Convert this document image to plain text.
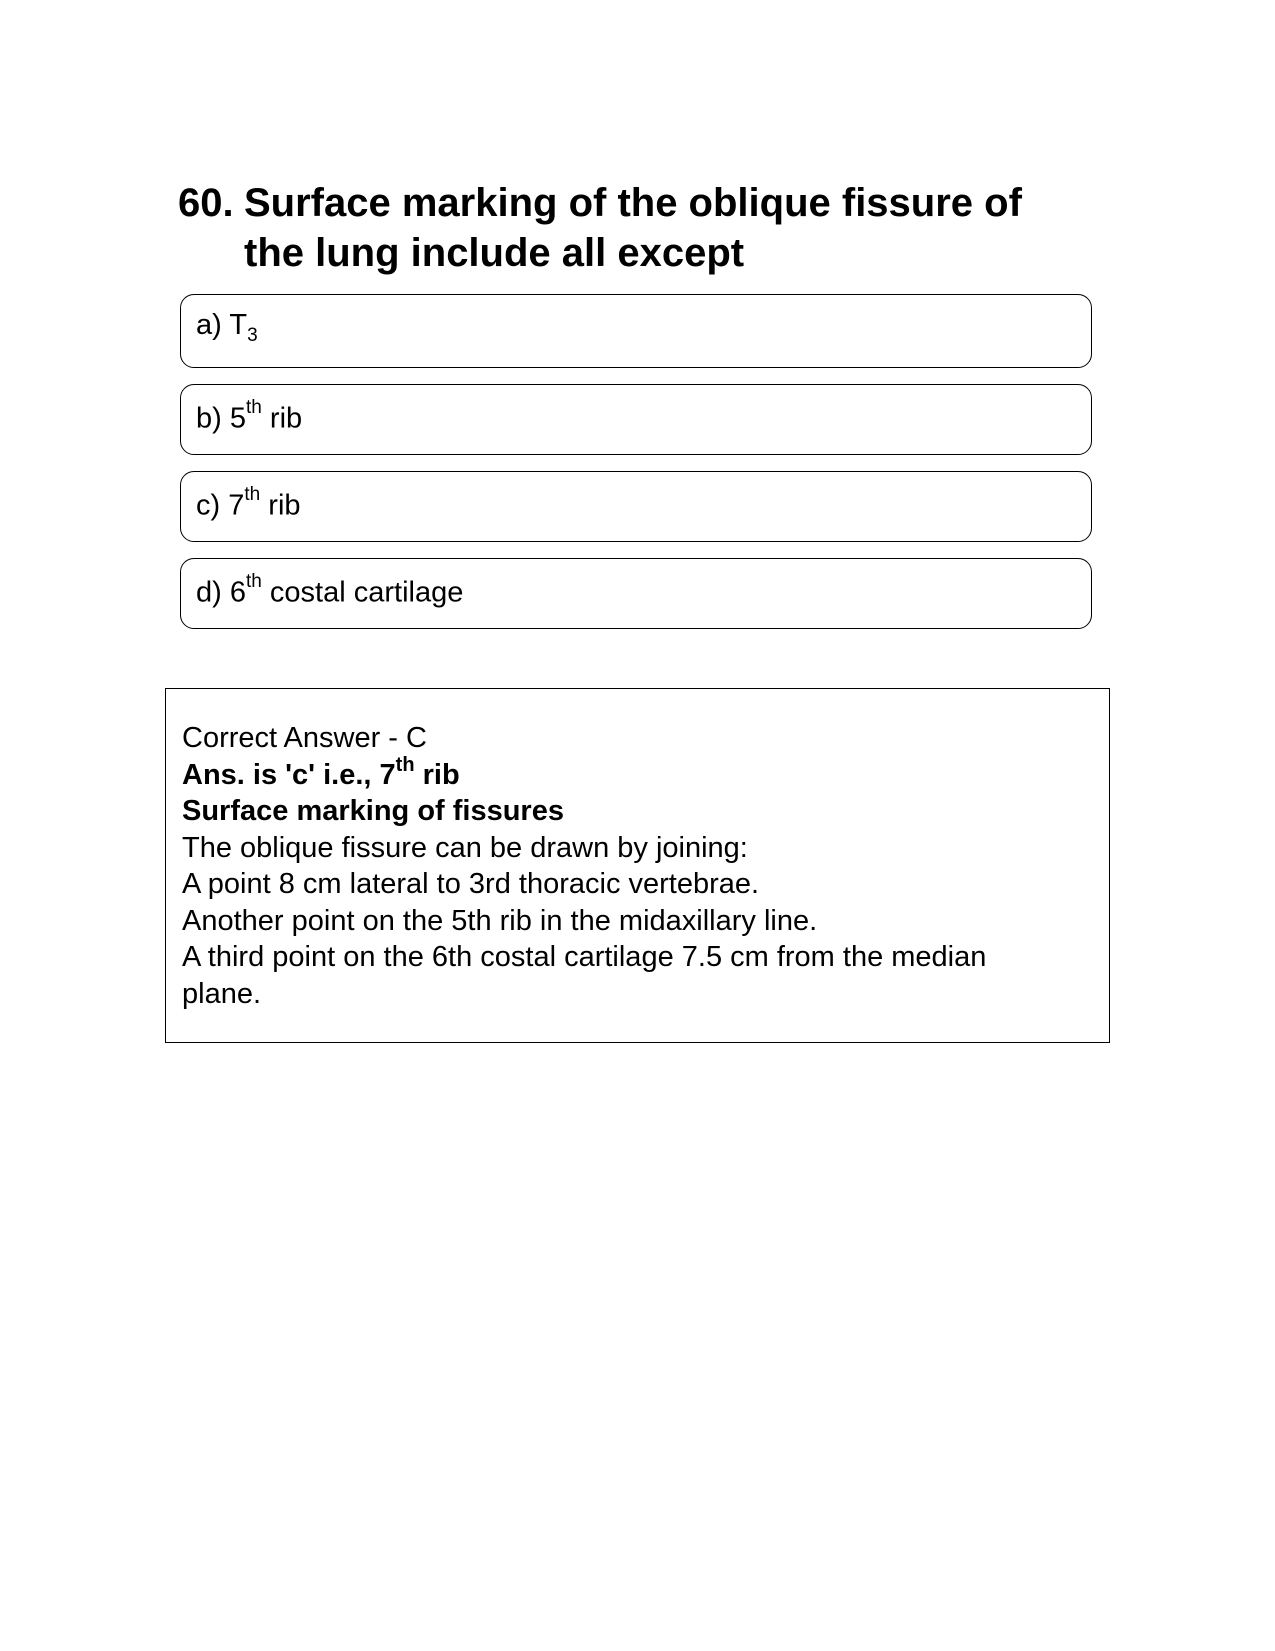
60. Surface marking of the oblique fissure of the lung include all except
a) $T_3$
b) 5th rib
c) 7th rib
d) 6th costal cartilage
Correct Answer - C
Ans. is 'c' i.e., 7th rib
Surface marking of fissures
The oblique fissure can be drawn by joining:
A point 8 cm lateral to 3rd thoracic vertebrae.
Another point on the 5th rib in the midaxillary line.
A third point on the 6th costal cartilage 7.5 cm from the median plane.
